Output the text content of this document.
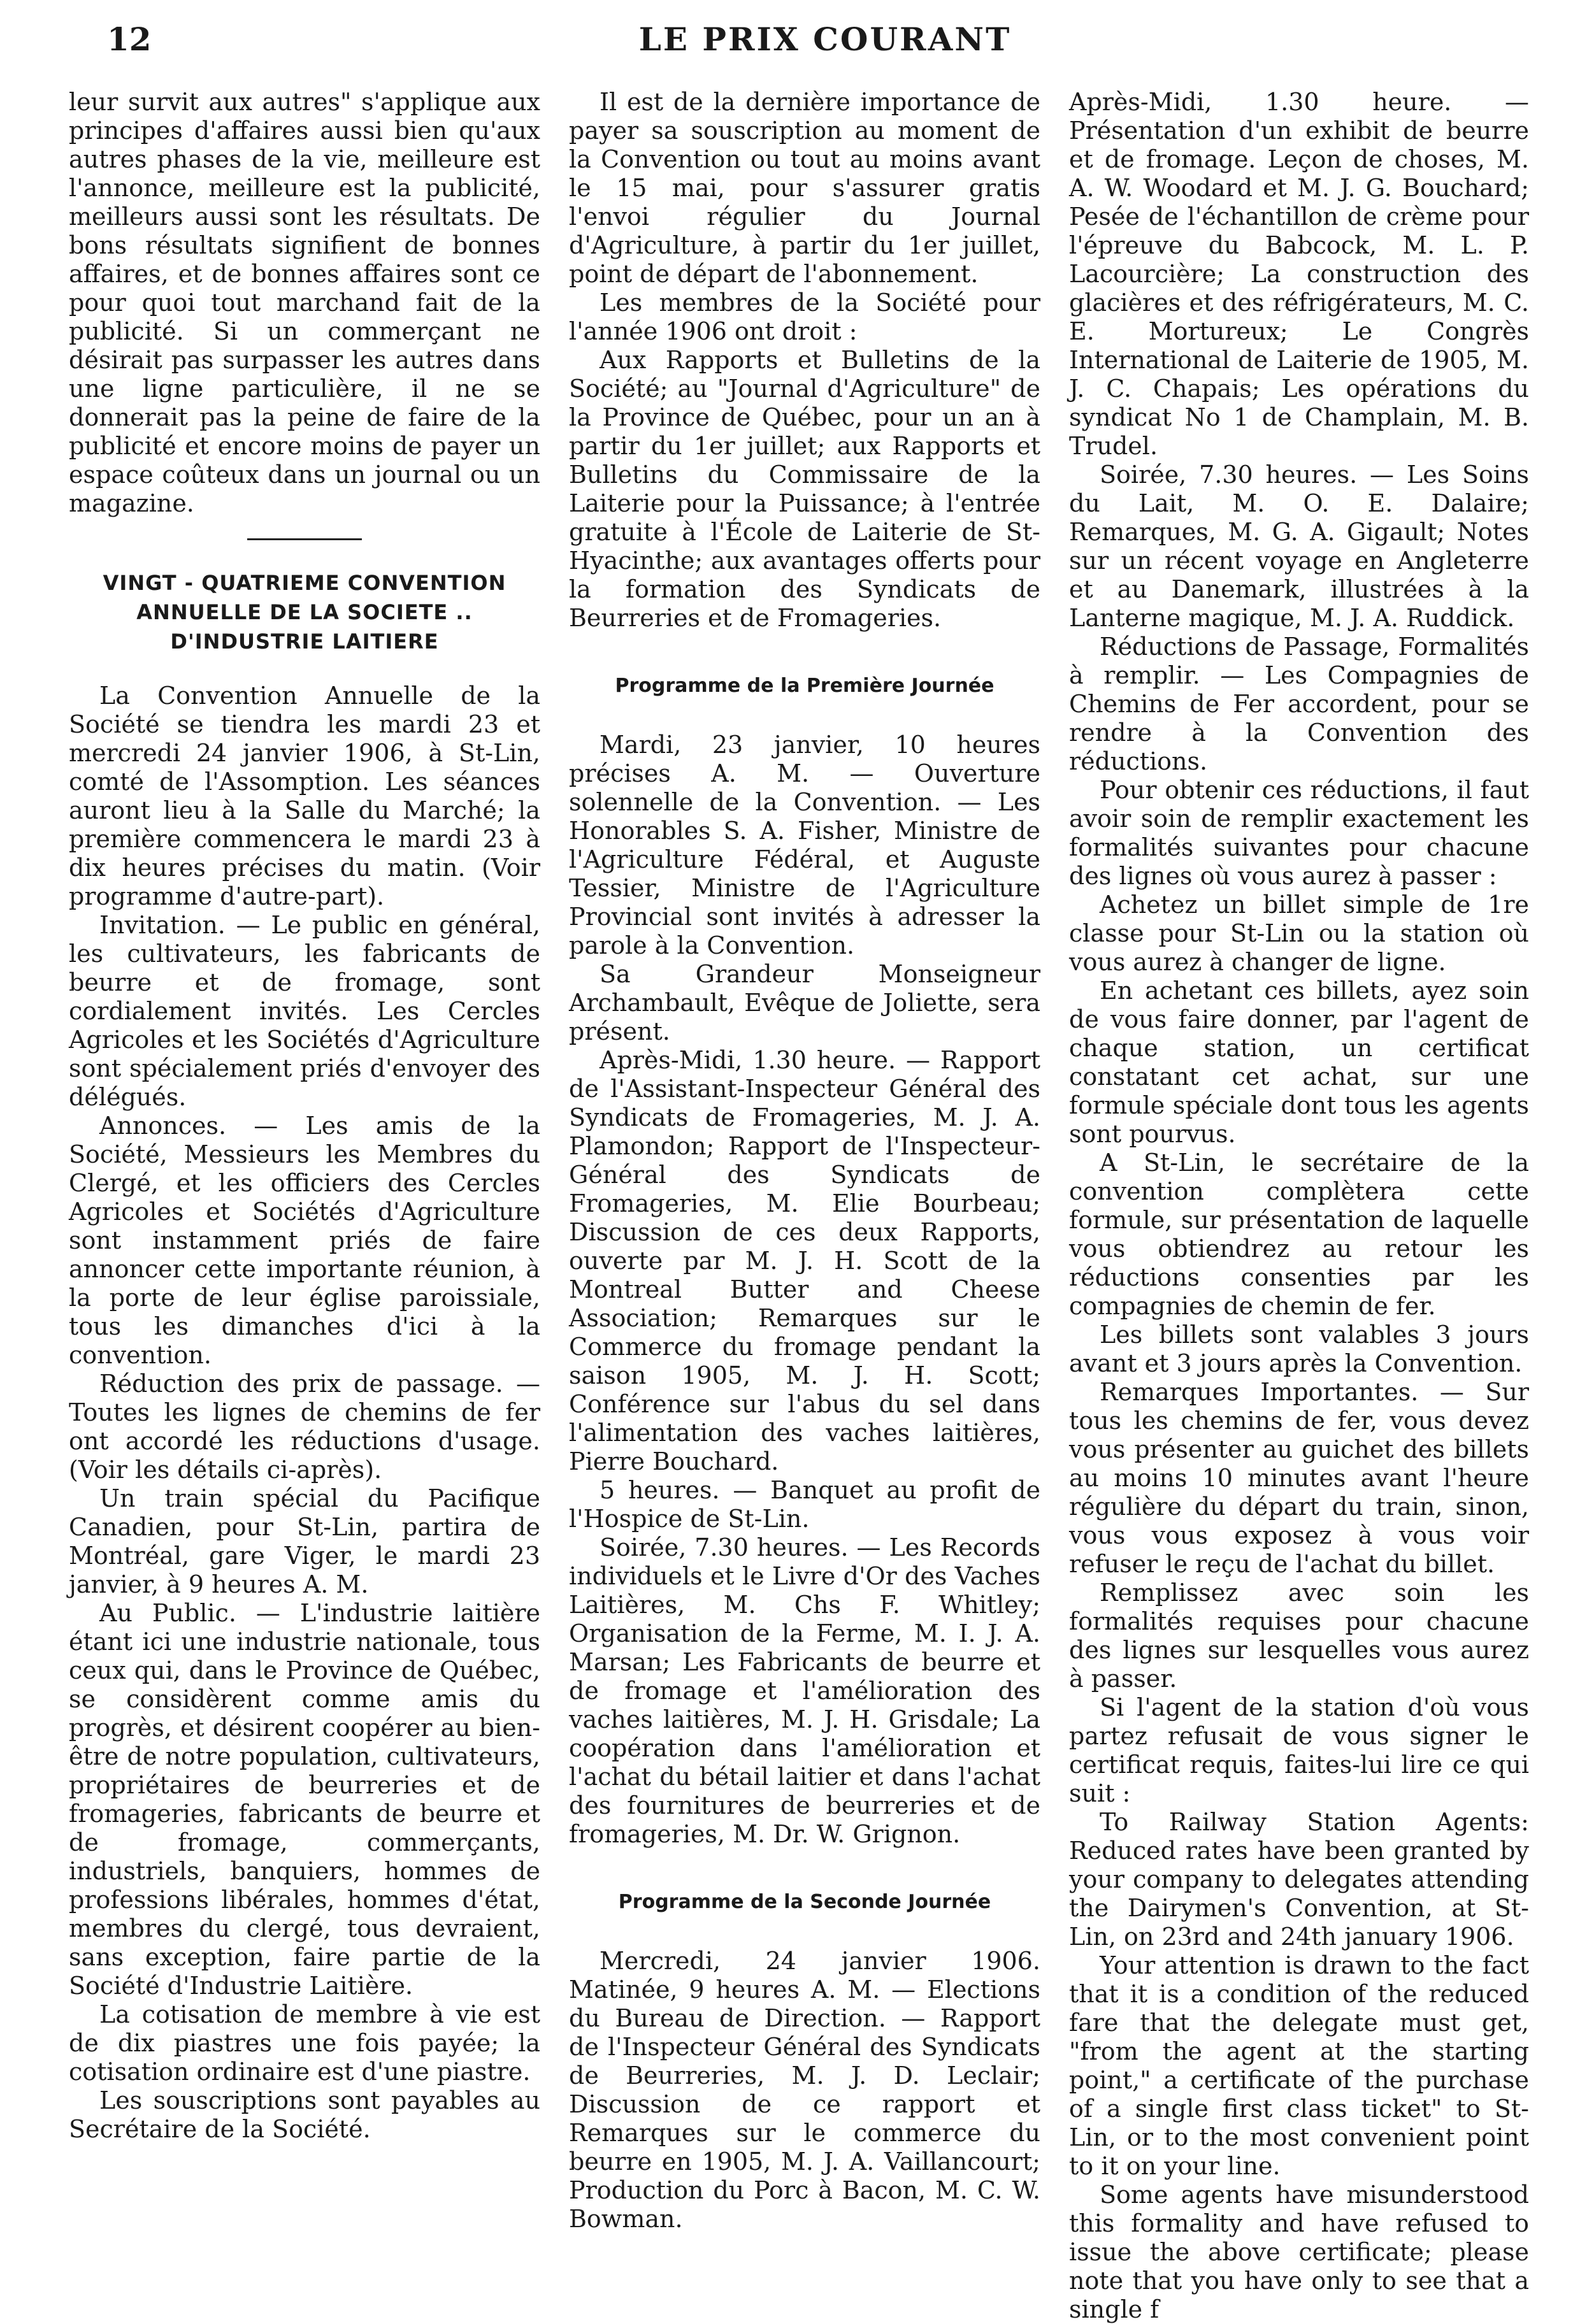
12	LE PRIX COURANT

leur survit aux autres" s'applique aux principes d'affaires aussi bien qu'aux autres phases de la vie, meilleure est l'annonce, meilleure est la publicité, meilleurs aussi sont les résultats. De bons résultats signifient de bonnes affaires, et de bonnes affaires sont ce pour quoi tout marchand fait de la publicité. Si un commerçant ne désirait pas surpasser les autres dans une ligne particulière, il ne se donnerait pas la peine de faire de la publicité et encore moins de payer un espace coûteux dans un journal ou un magazine.

VINGT - QUATRIEME CONVENTION
ANNUELLE DE LA SOCIETE ..
D'INDUSTRIE LAITIERE

La Convention Annuelle de la Société se tiendra les mardi 23 et mercredi 24 janvier 1906, à St-Lin, comté de l'Assomption. Les séances auront lieu à la Salle du Marché; la première commencera le mardi 23 à dix heures précises du matin. (Voir programme d'autre-part).

Invitation. — Le public en général, les cultivateurs, les fabricants de beurre et de fromage, sont cordialement invités. Les Cercles Agricoles et les Sociétés d'Agriculture sont spécialement priés d'envoyer des délégués.

Annonces. — Les amis de la Société, Messieurs les Membres du Clergé, et les officiers des Cercles Agricoles et Sociétés d'Agriculture sont instamment priés de faire annoncer cette importante réunion, à la porte de leur église paroissiale, tous les dimanches d'ici à la convention.

Réduction des prix de passage. — Toutes les lignes de chemins de fer ont accordé les réductions d'usage. (Voir les détails ci-après).

Un train spécial du Pacifique Canadien, pour St-Lin, partira de Montréal, gare Viger, le mardi 23 janvier, à 9 heures A. M.

Au Public. — L'industrie laitière étant ici une industrie nationale, tous ceux qui, dans le Province de Québec, se considèrent comme amis du progrès, et désirent coopérer au bien-être de notre population, cultivateurs, propriétaires de beurreries et de fromageries, fabricants de beurre et de fromage, commerçants, industriels, banquiers, hommes de professions libérales, hommes d'état, membres du clergé, tous devraient, sans exception, faire partie de la Société d'Industrie Laitière.

La cotisation de membre à vie est de dix piastres une fois payée; la cotisation ordinaire est d'une piastre.

Les souscriptions sont payables au Secrétaire de la Société.

Il est de la dernière importance de payer sa souscription au moment de la Convention ou tout au moins avant le 15 mai, pour s'assurer gratis l'envoi régulier du Journal d'Agriculture, à partir du 1er juillet, point de départ de l'abonnement.

Les membres de la Société pour l'année 1906 ont droit :

Aux Rapports et Bulletins de la Société; au "Journal d'Agriculture" de la Province de Québec, pour un an à partir du 1er juillet; aux Rapports et Bulletins du Commissaire de la Laiterie pour la Puissance; à l'entrée gratuite à l'École de Laiterie de St-Hyacinthe; aux avantages offerts pour la formation des Syndicats de Beurreries et de Fromageries.

Programme de la Première Journée

Mardi, 23 janvier, 10 heures précises A. M. — Ouverture solennelle de la Convention. — Les Honorables S. A. Fisher, Ministre de l'Agriculture Fédéral, et Auguste Tessier, Ministre de l'Agriculture Provincial sont invités à adresser la parole à la Convention.

Sa Grandeur Monseigneur Archambault, Evêque de Joliette, sera présent.

Après-Midi, 1.30 heure. — Rapport de l'Assistant-Inspecteur Général des Syndicats de Fromageries, M. J. A. Plamondon; Rapport de l'Inspecteur-Général des Syndicats de Fromageries, M. Elie Bourbeau; Discussion de ces deux Rapports, ouverte par M. J. H. Scott de la Montreal Butter and Cheese Association; Remarques sur le Commerce du fromage pendant la saison 1905, M. J. H. Scott; Conférence sur l'abus du sel dans l'alimentation des vaches laitières, Pierre Bouchard.

5 heures. — Banquet au profit de l'Hospice de St-Lin.

Soirée, 7.30 heures. — Les Records individuels et le Livre d'Or des Vaches Laitières, M. Chs F. Whitley; Organisation de la Ferme, M. I. J. A. Marsan; Les Fabricants de beurre et de fromage et l'amélioration des vaches laitières, M. J. H. Grisdale; La coopération dans l'amélioration et l'achat du bétail laitier et dans l'achat des fournitures de beurreries et de fromageries, M. Dr. W. Grignon.

Programme de la Seconde Journée

Mercredi, 24 janvier 1906. Matinée, 9 heures A. M. — Elections du Bureau de Direction. — Rapport de l'Inspecteur Général des Syndicats de Beurreries, M. J. D. Leclair; Discussion de ce rapport et Remarques sur le commerce du beurre en 1905, M. J. A. Vaillancourt; Production du Porc à Bacon, M. C. W. Bowman.

Après-Midi, 1.30 heure. — Présentation d'un exhibit de beurre et de fromage. Leçon de choses, M. A. W. Woodard et M. J. G. Bouchard; Pesée de l'échantillon de crème pour l'épreuve du Babcock, M. L. P. Lacourcière; La construction des glacières et des réfrigérateurs, M. C. E. Mortureux; Le Congrès International de Laiterie de 1905, M. J. C. Chapais; Les opérations du syndicat No 1 de Champlain, M. B. Trudel.

Soirée, 7.30 heures. — Les Soins du Lait, M. O. E. Dalaire; Remarques, M. G. A. Gigault; Notes sur un récent voyage en Angleterre et au Danemark, illustrées à la Lanterne magique, M. J. A. Ruddick.

Réductions de Passage, Formalités à remplir. — Les Compagnies de Chemins de Fer accordent, pour se rendre à la Convention des réductions.

Pour obtenir ces réductions, il faut avoir soin de remplir exactement les formalités suivantes pour chacune des lignes où vous aurez à passer :

Achetez un billet simple de 1re classe pour St-Lin ou la station où vous aurez à changer de ligne.

En achetant ces billets, ayez soin de vous faire donner, par l'agent de chaque station, un certificat constatant cet achat, sur une formule spéciale dont tous les agents sont pourvus.

A St-Lin, le secrétaire de la convention complètera cette formule, sur présentation de laquelle vous obtiendrez au retour les réductions consenties par les compagnies de chemin de fer.

Les billets sont valables 3 jours avant et 3 jours après la Convention.

Remarques Importantes. — Sur tous les chemins de fer, vous devez vous présenter au guichet des billets au moins 10 minutes avant l'heure régulière du départ du train, sinon, vous vous exposez à vous voir refuser le reçu de l'achat du billet.

Remplissez avec soin les formalités requises pour chacune des lignes sur lesquelles vous aurez à passer.

Si l'agent de la station d'où vous partez refusait de vous signer le certificat requis, faites-lui lire ce qui suit :

To Railway Station Agents: Reduced rates have been granted by your company to delegates attending the Dairymen's Convention, at St-Lin, on 23rd and 24th january 1906.

Your attention is drawn to the fact that it is a condition of the reduced fare that the delegate must get, "from the agent at the starting point," a certificate of the purchase of a single first class ticket" to St-Lin, or to the most convenient point to it on your line.

Some agents have misunderstood this formality and have refused to issue the above certificate; please note that you have only to see that a single f
